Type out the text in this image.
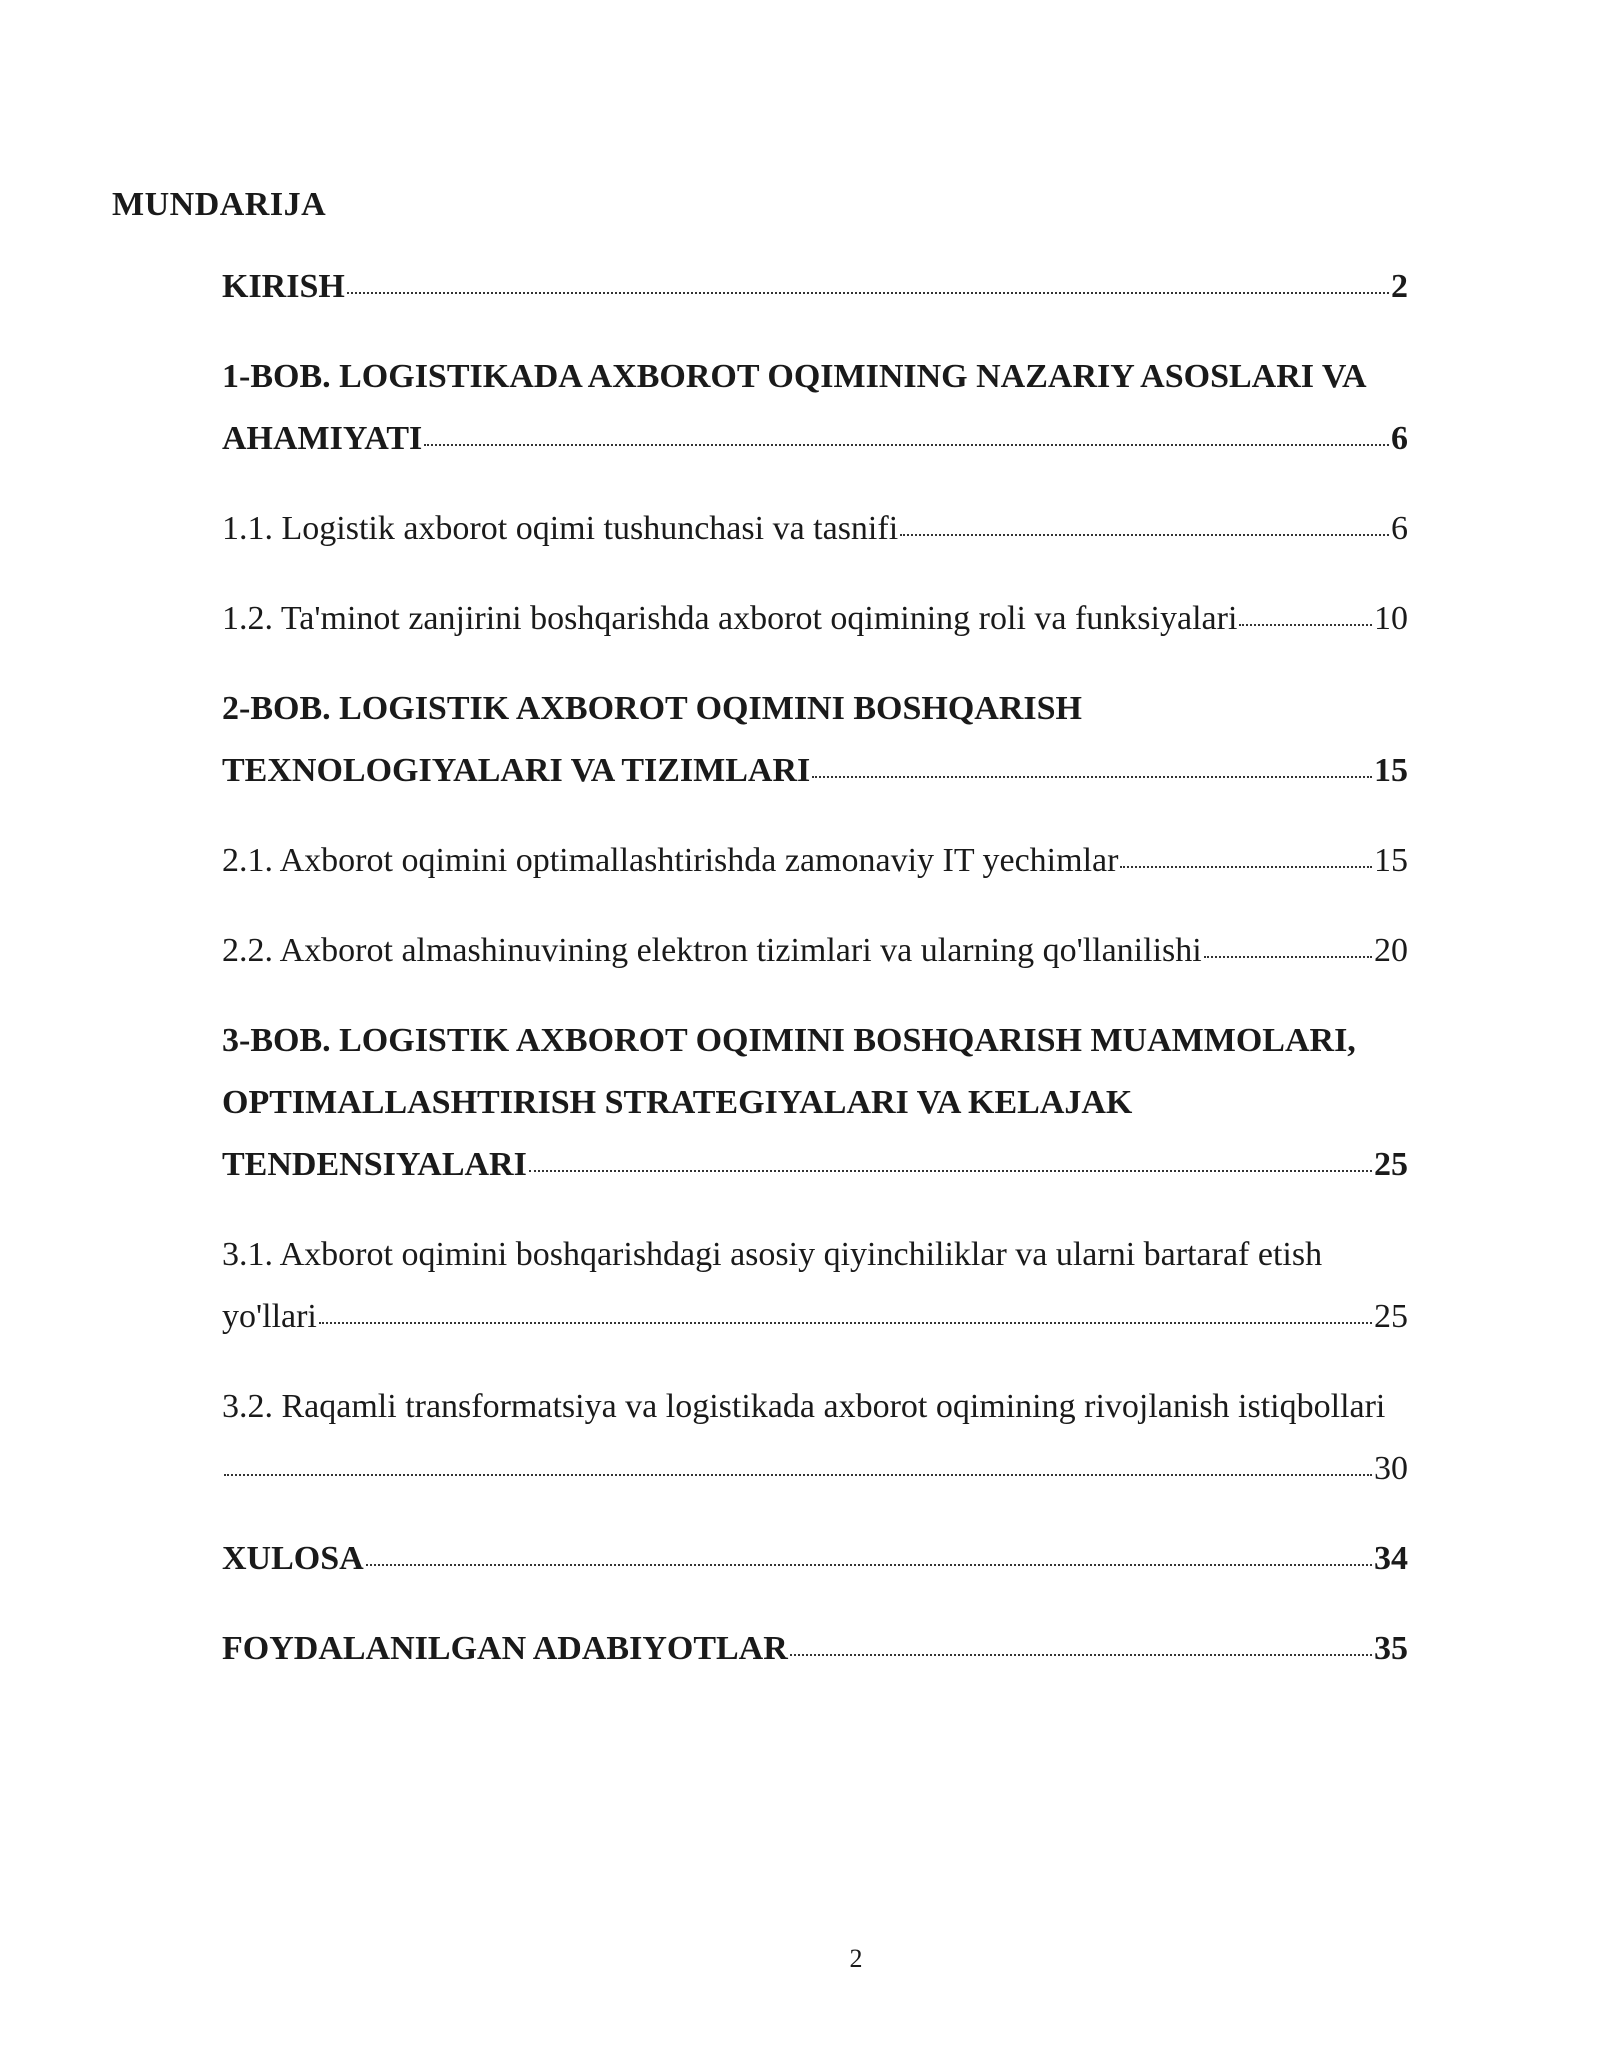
MUNDARIJA
KIRISH	2
1-BOB. LOGISTIKADA AXBOROT OQIMINING NAZARIY ASOSLARI VA
AHAMIYATI	6
1.1. Logistik axborot oqimi tushunchasi va tasnifi	6
1.2. Ta'minot zanjirini boshqarishda axborot oqimining roli va funksiyalari	10
2-BOB. LOGISTIK AXBOROT OQIMINI BOSHQARISH
TEXNOLOGIYALARI VA TIZIMLARI	15
2.1. Axborot oqimini optimallashtirishda zamonaviy IT yechimlar	15
2.2. Axborot almashinuvining elektron tizimlari va ularning qo'llanilishi	20
3-BOB. LOGISTIK AXBOROT OQIMINI BOSHQARISH MUAMMOLARI,
OPTIMALLASHTIRISH STRATEGIYALARI VA KELAJAK
TENDENSIYALARI	25
3.1. Axborot oqimini boshqarishdagi asosiy qiyinchiliklar va ularni bartaraf etish
yo'llari	25
3.2. Raqamli transformatsiya va logistikada axborot oqimining rivojlanish istiqbollari
30
XULOSA	34
FOYDALANILGAN ADABIYOTLAR	35
2
